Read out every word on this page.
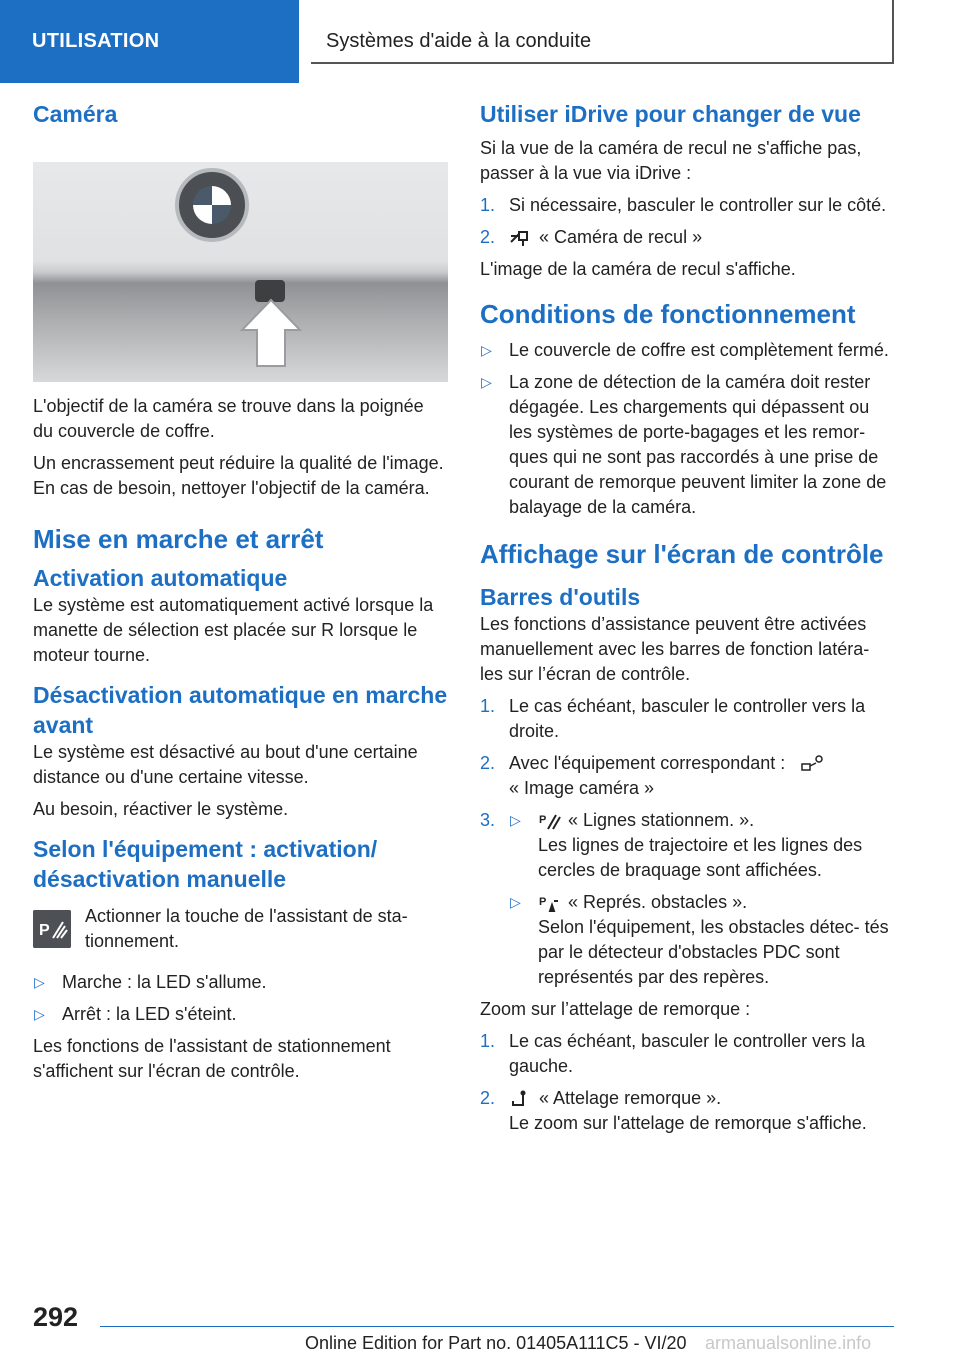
UTILISATION	Systèmes d'aide à la conduite
Caméra

L'objectif de la caméra se trouve dans la poignée du couvercle de coffre.

Un encrassement peut réduire la qualité de l'image. En cas de besoin, nettoyer l'objectif de la caméra.

Mise en marche et arrêt
Activation automatique

Le système est automatiquement activé lorsque la manette de sélection est placée sur R lorsque le moteur tourne.

Désactivation automatique en marche avant

Le système est désactivé au bout d'une certaine distance ou d'une certaine vitesse.

Au besoin, réactiver le système.

Selon l'équipement : activation/ désactivation manuelle
P
Actionner la touche de l'assistant de sta- tionnement.
▷ Marche : la LED s'allume.
▷ Arrêt : la LED s'éteint.

Les fonctions de l'assistant de stationnement s'affichent sur l'écran de contrôle.

Utiliser iDrive pour changer de vue

Si la vue de la caméra de recul ne s'affiche pas, passer à la vue via iDrive :

1. Si nécessaire, basculer le controller sur le côté.
2. « Caméra de recul »

L'image de la caméra de recul s'affiche.

Conditions de fonctionnement
▷ Le couvercle de coffre est complètement fermé.
▷ La zone de détection de la caméra doit rester dégagée. Les chargements qui dépassent ou les systèmes de porte-bagages et les remor- ques qui ne sont pas raccordés à une prise de courant de remorque peuvent limiter la zone de balayage de la caméra.
Affichage sur l'écran de contrôle
Barres d'outils

Les fonctions d’assistance peuvent être activées manuellement avec les barres de fonction latéra- les sur l’écran de contrôle.

1. Le cas échéant, basculer le controller vers la droite.
2. Avec l'équipement correspondant :
« Image caméra »
3. ▷ P « Lignes stationnem. ».
Les lignes de trajectoire et les lignes des cercles de braquage sont affichées.
▷ P « Représ. obstacles ».
Selon l'équipement, les obstacles détec- tés par le détecteur d'obstacles PDC sont représentés par des repères.

Zoom sur l’attelage de remorque :

1. Le cas échéant, basculer le controller vers la gauche.
2. « Attelage remorque ».
Le zoom sur l'attelage de remorque s'affiche.
292
Online Edition for Part no. 01405A111C5 - VI/20 armanualsonline.info
